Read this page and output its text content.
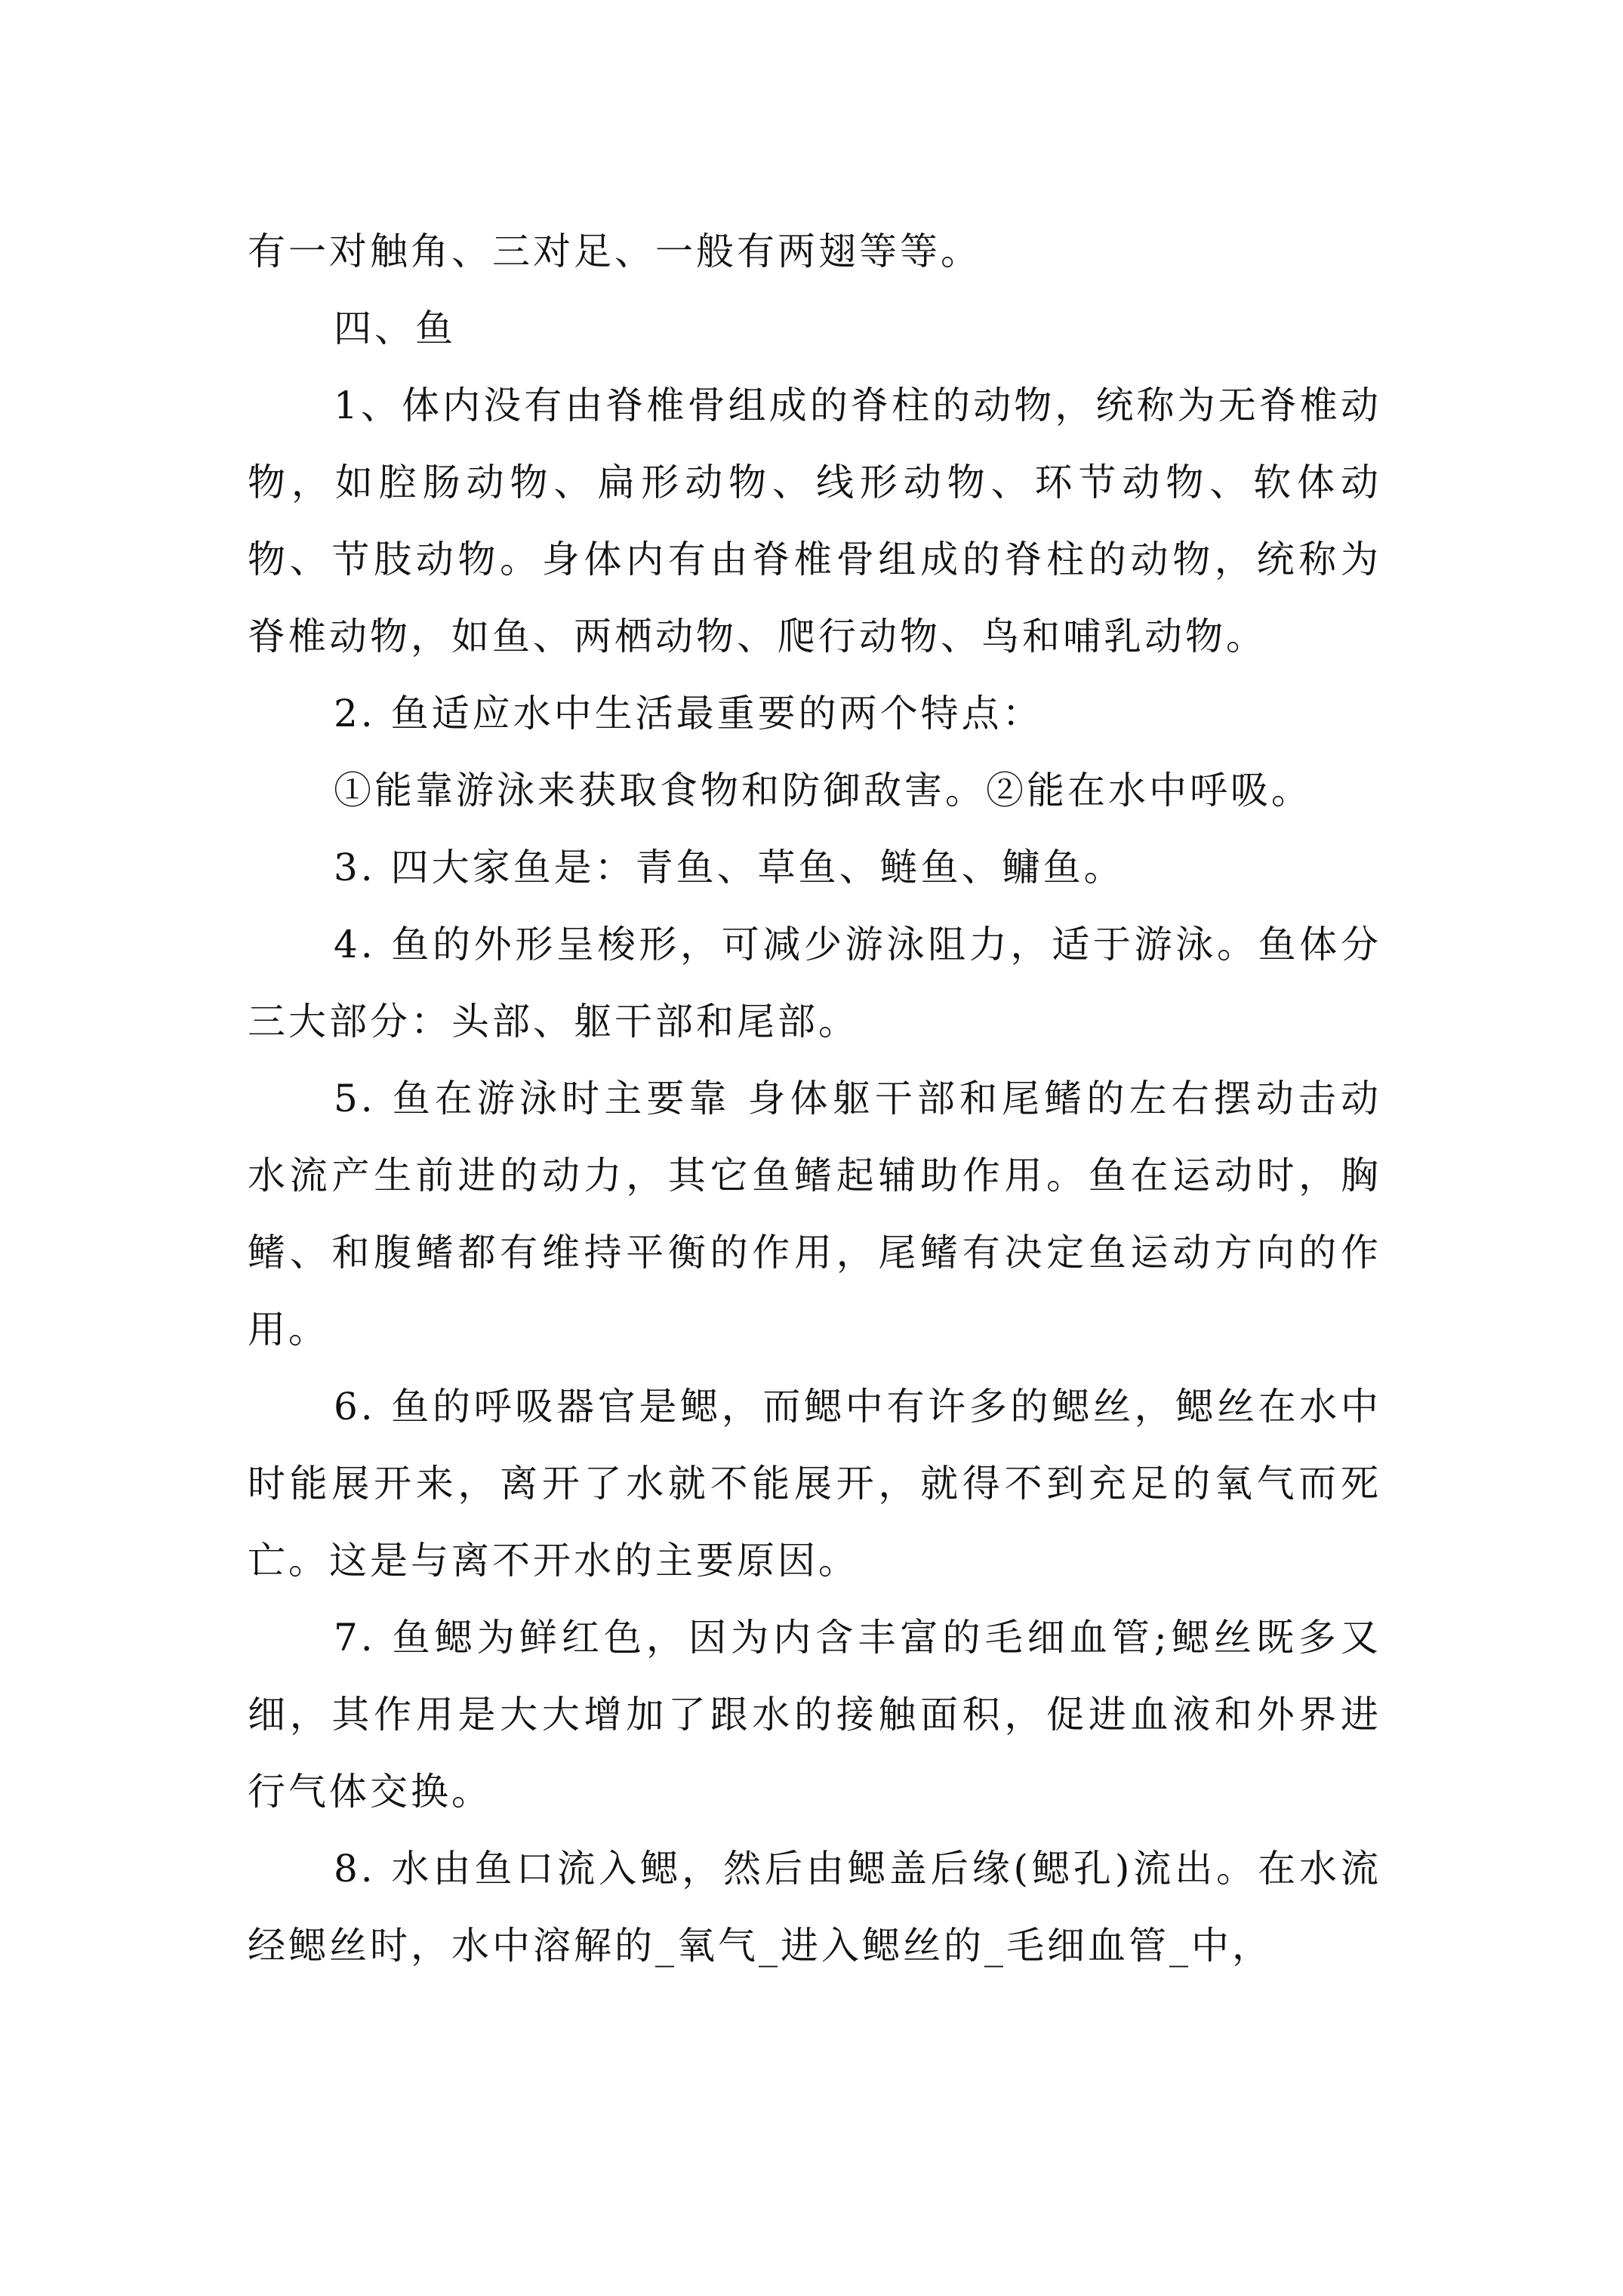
有一对触角、三对足、一般有两翅等等。

四、鱼

1、体内没有由脊椎骨组成的脊柱的动物，统称为无脊椎动物，如腔肠动物、扁形动物、线形动物、环节动物、软体动物、节肢动物。身体内有由脊椎骨组成的脊柱的动物，统称为脊椎动物，如鱼、两栖动物、爬行动物、鸟和哺乳动物。

2. 鱼适应水中生活最重要的两个特点：

①能靠游泳来获取食物和防御敌害。②能在水中呼吸。

3. 四大家鱼是：青鱼、草鱼、鲢鱼、鳙鱼。

4. 鱼的外形呈梭形，可减少游泳阻力，适于游泳。鱼体分三大部分：头部、躯干部和尾部。

5. 鱼在游泳时主要靠 身体躯干部和尾鳍的左右摆动击动水流产生前进的动力，其它鱼鳍起辅助作用。鱼在运动时，胸鳍、和腹鳍都有维持平衡的作用，尾鳍有决定鱼运动方向的作用。

6. 鱼的呼吸器官是鳃，而鳃中有许多的鳃丝，鳃丝在水中时能展开来，离开了水就不能展开，就得不到充足的氧气而死亡。这是与离不开水的主要原因。

7. 鱼鳃为鲜红色，因为内含丰富的毛细血管;鳃丝既多又细，其作用是大大增加了跟水的接触面积，促进血液和外界进行气体交换。

8. 水由鱼口流入鳃，然后由鳃盖后缘(鳃孔)流出。在水流经鳃丝时，水中溶解的_氧气_进入鳃丝的_毛细血管_中，
